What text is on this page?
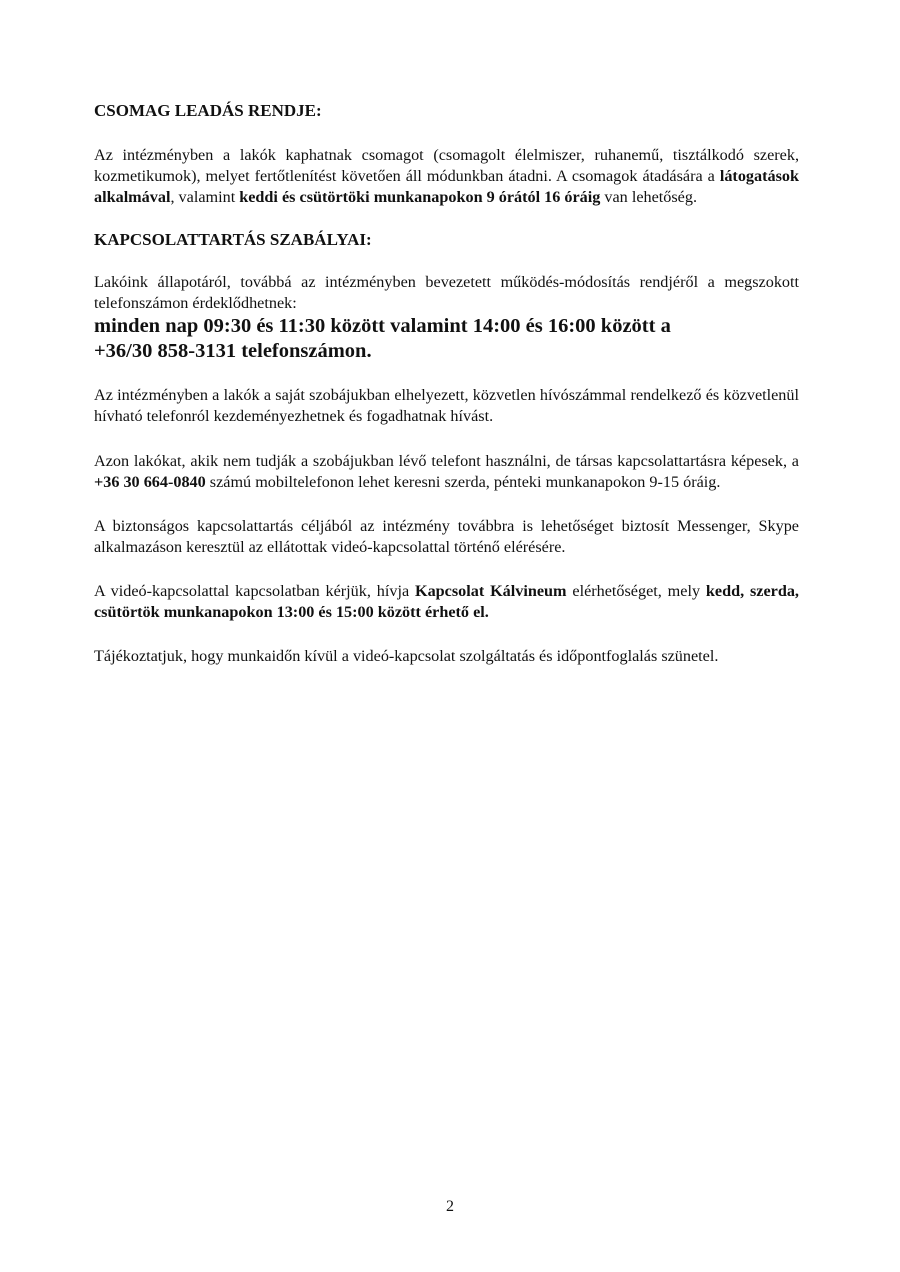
CSOMAG LEADÁS RENDJE:

Az intézményben a lakók kaphatnak csomagot (csomagolt élelmiszer, ruhanemű, tisztálkodó szerek, kozmetikumok), melyet fertőtlenítést követően áll módunkban átadni. A csomagok átadására a látogatások alkalmával, valamint keddi és csütörtöki munkanapokon 9 órától 16 óráig van lehetőség.

KAPCSOLATTARTÁS SZABÁLYAI:

Lakóink állapotáról, továbbá az intézményben bevezetett működés-módosítás rendjéről a megszokott telefonszámon érdeklődhetnek:

minden nap 09:30 és 11:30 között valamint 14:00 és 16:00 között a
+36/30 858-3131 telefonszámon.

Az intézményben a lakók a saját szobájukban elhelyezett, közvetlen hívószámmal rendelkező és közvetlenül hívható telefonról kezdeményezhetnek és fogadhatnak hívást.

Azon lakókat, akik nem tudják a szobájukban lévő telefont használni, de társas kapcsolattartásra képesek, a +36 30 664-0840 számú mobiltelefonon lehet keresni szerda, pénteki munkanapokon 9-15 óráig.

A biztonságos kapcsolattartás céljából az intézmény továbbra is lehetőséget biztosít Messenger, Skype alkalmazáson keresztül az ellátottak videó-kapcsolattal történő elérésére.

A videó-kapcsolattal kapcsolatban kérjük, hívja Kapcsolat Kálvineum elérhetőséget, mely kedd, szerda, csütörtök munkanapokon 13:00 és 15:00 között érhető el.

Tájékoztatjuk, hogy munkaidőn kívül a videó-kapcsolat szolgáltatás és időpontfoglalás szünetel.

2
